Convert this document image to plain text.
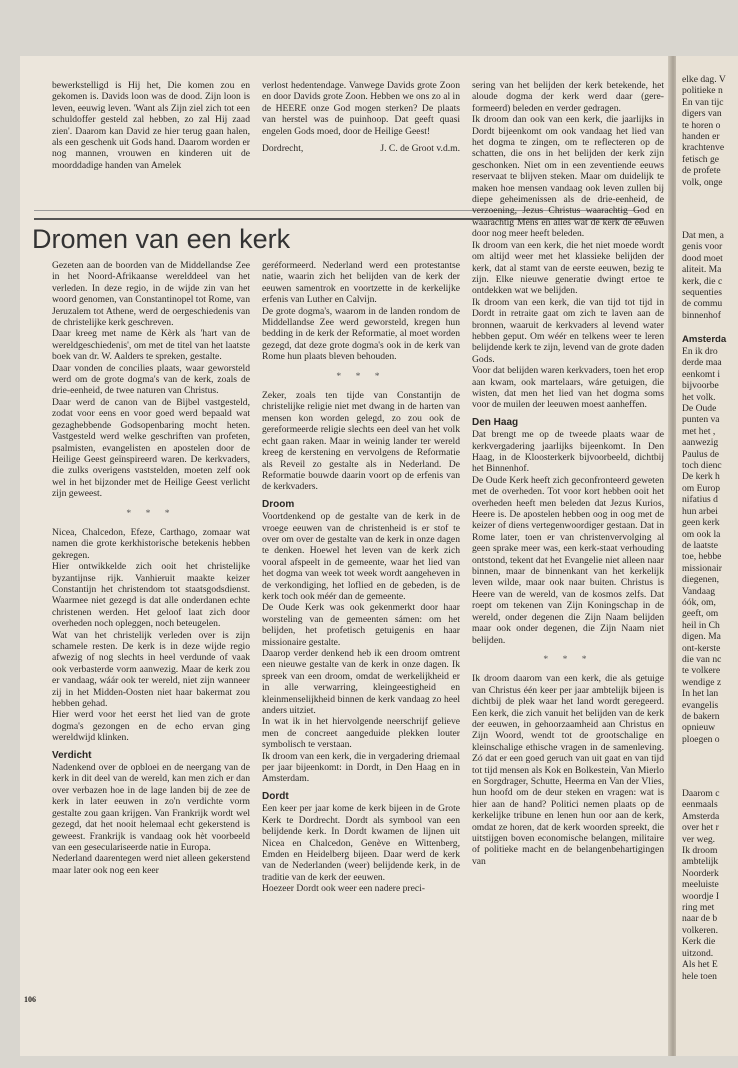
bewerkstelligd is Hij het, Die komen zou en gekomen is. Davids loon was de dood. Zijn loon is leven, eeuwig leven. 'Want als Zijn ziel zich tot een schuldoffer gesteld zal hebben, zo zal Hij zaad zien'. Daarom kan David ze hier terug gaan halen, als een geschenk uit Gods hand. Daarom worden er nog mannen, vrouwen en kinderen uit de moorddadige handen van Amelek

verlost hedentendage. Vanwege Davids grote Zoon en door Davids grote Zoon. Hebben we ons zo al in de HEERE onze God mogen sterken? De plaats van herstel was de puinhoop. Dat geeft quasi engelen Gods moed, door de Heilige Geest!

Dordrecht,	J. C. de Groot v.d.m.
Dromen van een kerk

Gezeten aan de boorden van de Middellandse Zee in het Noord-Afrikaanse werelddeel van het verleden. In deze regio, in de wijde zin van het woord genomen, van Constantinopel tot Rome, van Jeruzalem tot Athene, werd de oergeschiedenis van de christelijke kerk geschreven.

Daar kreeg met name de Kèrk als 'hart van de wereldgeschiedenis', om met de titel van het laatste boek van dr. W. Aalders te spreken, gestalte.

Daar vonden de concilies plaats, waar geworsteld werd om de grote dogma's van de kerk, zoals de drie-eenheid, de twee naturen van Christus.

Daar werd de canon van de Bijbel vastgesteld, zodat voor eens en voor goed werd bepaald wat gezaghebbende Godsopenbaring mocht heten. Vastgesteld werd welke geschriften van profeten, psalmisten, evangelisten en apostelen door de Heilige Geest geïnspireerd waren. De kerkvaders, die zulks overigens vaststelden, moeten zelf ook wel in het bijzonder met de Heilige Geest verlicht zijn geweest.

* * *

Nicea, Chalcedon, Efeze, Carthago, zomaar wat namen die grote kerkhistorische betekenis hebben gekregen.

Hier ontwikkelde zich ooit het christelijke byzantijnse rijk. Vanhieruit maakte keizer Constantijn het christendom tot staatsgodsdienst. Waarmee niet gezegd is dat alle onderdanen echte christenen werden. Het geloof laat zich door overheden noch opleggen, noch beteugelen.

Wat van het christelijk verleden over is zijn schamele resten. De kerk is in deze wijde regio afwezig of nog slechts in heel verdunde of vaak ook verbasterde vorm aanwezig. Maar de kerk zou er vandaag, wáár ook ter wereld, niet zijn wanneer zij in het Midden-Oosten niet haar bakermat zou hebben gehad.

Hier werd voor het eerst het lied van de grote dogma's gezongen en de echo ervan ging wereldwijd klinken.

Verdicht

Nadenkend over de opbloei en de neergang van de kerk in dit deel van de wereld, kan men zich er dan over verbazen hoe in de lage landen bij de zee de kerk in later eeuwen in zo'n verdichte vorm gestalte zou gaan krijgen. Van Frankrijk wordt wel gezegd, dat het nooit helemaal echt gekerstend is geweest. Frankrijk is vandaag ook hèt voorbeeld van een geseculariseerde natie in Europa.

Nederland daarentegen werd niet alleen gekerstend maar later ook nog een keer

geréformeerd. Nederland werd een protestantse natie, waarin zich het belijden van de kerk der eeuwen samentrok en voortzette in de kerkelijke erfenis van Luther en Calvijn.

De grote dogma's, waarom in de landen rondom de Middellandse Zee werd geworsteld, kregen hun bedding in de kerk der Reformatie, al moet worden gezegd, dat deze grote dogma's ook in de kerk van Rome hun plaats bleven behouden.

* * *

Zeker, zoals ten tijde van Constantijn de christelijke religie niet met dwang in de harten van mensen kon worden gelegd, zo zou ook de gereformeerde religie slechts een deel van het volk echt gaan raken. Maar in weinig lander ter wereld kreeg de kerstening en vervolgens de Reformatie als Reveil zo gestalte als in Nederland. De Reformatie bouwde daarin voort op de erfenis van de kerkvaders.

Droom

Voortdenkend op de gestalte van de kerk in de vroege eeuwen van de christenheid is er stof te over om over de gestalte van de kerk in onze dagen te denken. Hoewel het leven van de kerk zich vooral afspeelt in de gemeente, waar het lied van het dogma van week tot week wordt aangeheven in de verkondiging, het loflied en de gebeden, is de kerk toch ook méér dan de gemeente.

De Oude Kerk was ook gekenmerkt door haar worsteling van de gemeenten sámen: om het belijden, het profetisch getuigenis en haar missionaire gestalte.

Daarop verder denkend heb ik een droom omtrent een nieuwe gestalte van de kerk in onze dagen. Ik spreek van een droom, omdat de werkelijkheid er in alle verwarring, kleingeestigheid en kleinmenselijkheid binnen de kerk vandaag zo heel anders uitziet.

In wat ik in het hiervolgende neerschrijf gelieve men de concreet aangeduide plekken louter symbolisch te verstaan.

Ik droom van een kerk, die in vergadering driemaal per jaar bijeenkomt: in Dordt, in Den Haag en in Amsterdam.

Dordt

Een keer per jaar kome de kerk bijeen in de Grote Kerk te Dordrecht. Dordt als symbool van een belijdende kerk. In Dordt kwamen de lijnen uit Nicea en Chalcedon, Genève en Wittenberg, Emden en Heidelberg bijeen. Daar werd de kerk van de Nederlanden (weer) belijdende kerk, in de traditie van de kerk der eeuwen.

Hoezeer Dordt ook weer een nadere preci-

sering van het belijden der kerk betekende, het aloude dogma der kerk werd daar (gere-formeerd) beleden en verder gedragen.

Ik droom dan ook van een kerk, die jaarlijks in Dordt bijeenkomt om ook vandaag het lied van het dogma te zingen, om te reflecteren op de schatten, die ons in het belijden der kerk zijn geschonken. Niet om in een zeventiende eeuws reservaat te blijven steken. Maar om duidelijk te maken hoe mensen vandaag ook leven zullen bij diepe geheimenissen als de drie-eenheid, de verzoening, Jezus Christus waarachtig God en waarachtig Mens en alles wat de kerk de eeuwen door nog meer heeft beleden.

Ik droom van een kerk, die het niet moede wordt om altijd weer met het klassieke belijden der kerk, dat al stamt van de eerste eeuwen, bezig te zijn. Elke nieuwe generatie dwingt ertoe te ontdekken wat we belijden.

Ik droom van een kerk, die van tijd tot tijd in Dordt in retraite gaat om zich te laven aan de bronnen, waaruit de kerkvaders al levend water hebben geput. Om wéér en telkens weer te leren belijdende kerk te zijn, levend van de grote daden Gods.

Voor dat belijden waren kerkvaders, toen het erop aan kwam, ook martelaars, wáre getuigen, die wisten, dat men het lied van het dogma soms voor de muilen der leeuwen moest aanheffen.

Den Haag

Dat brengt me op de tweede plaats waar de kerkvergadering jaarlijks bijeenkomt. In Den Haag, in de Kloosterkerk bijvoorbeeld, dichtbij het Binnenhof.

De Oude Kerk heeft zich geconfronteerd geweten met de overheden. Tot voor kort hebben ooit het overheden heeft men beleden dat Jezus Kurios, Heere is. De apostelen hebben oog in oog met de keizer of diens vertegenwoordiger gestaan. Dat in Rome later, toen er van christenvervolging al geen sprake meer was, een kerk-staat verhouding ontstond, tekent dat het Evangelie niet alleen naar binnen, maar de binnenkant van het kerkelijk leven wilde, maar ook naar buiten. Christus is Heere van de wereld, van de kosmos zelfs. Dat roept om tekenen van Zijn Koningschap in de wereld, onder degenen die Zijn Naam belijden maar ook onder degenen, die Zijn Naam niet belijden.

* * *

Ik droom daarom van een kerk, die als getuige van Christus één keer per jaar ambtelijk bijeen is dichtbij de plek waar het land wordt geregeerd. Een kerk, die zich vanuit het belijden van de kerk der eeuwen, in gehoorzaamheid aan Christus en Zijn Woord, wendt tot de grootschalige en kleinschalige ethische vragen in de samenleving. Zó dat er een goed geruch van uit gaat en van tijd tot tijd mensen als Kok en Bolkestein, Van Mierlo en Sorgdrager, Schutte, Heerma en Van der Vlies, hun hoofd om de deur steken en vragen: wat is hier aan de hand? Politici nemen plaats op de kerkelijke tribune en lenen hun oor aan de kerk, omdat ze horen, dat de kerk woorden spreekt, die uitstijgen boven economische belangen, militaire of politieke macht en de belangenbehartigingen van

106
elke dag. V
politieke n
En van tijc
digers van
te horen o
handen er
krachtenve
fetisch ge
de profete
volk, onge
Dat men, a
genis voor
dood moet
aliteit. Ma
kerk, die c
sequenties
de commu
binnenhof
Amsterda
En ik dro
derde maa
eenkomt i
bijvoorbe
het volk.
De Oude
punten va
met het ,
aanwezig
Paulus de
toch dienc
De kerk h
om Europ
nifatius d
hun arbei
geen kerk
om ook la
de laatste
toe, hebbe
missionair
diegenen,
Vandaag
óók, om,
geeft, om
heil in Ch
digen. Ma
ont-kerste
die van nc
te volkere
wendige z
In het lan
evangelis
de bakern
opnieuw
ploegen o
Daarom c
eenmaals
Amsterda
over het r
ver weg.
Ik droom
ambtelijk
Noorderk
meeluiste
woordje I
ring met
naar de b
volkeren.
Kerk die
uitzond.
Als het E
hele toen
